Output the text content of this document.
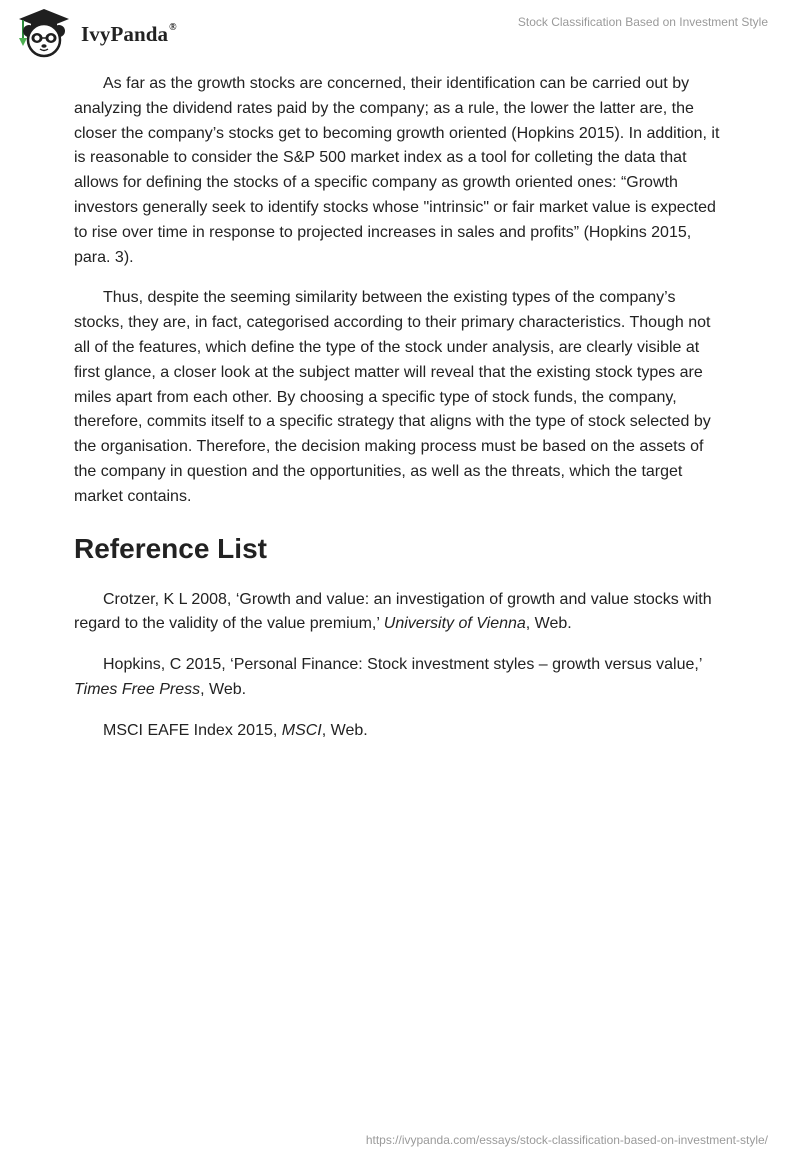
IvyPanda®	Stock Classification Based on Investment Style

As far as the growth stocks are concerned, their identification can be carried out by analyzing the dividend rates paid by the company; as a rule, the lower the latter are, the closer the company’s stocks get to becoming growth oriented (Hopkins 2015). In addition, it is reasonable to consider the S&P 500 market index as a tool for colleting the data that allows for defining the stocks of a specific company as growth oriented ones: “Growth investors generally seek to identify stocks whose "intrinsic" or fair market value is expected to rise over time in response to projected increases in sales and profits” (Hopkins 2015, para. 3).

Thus, despite the seeming similarity between the existing types of the company’s stocks, they are, in fact, categorised according to their primary characteristics. Though not all of the features, which define the type of the stock under analysis, are clearly visible at first glance, a closer look at the subject matter will reveal that the existing stock types are miles apart from each other. By choosing a specific type of stock funds, the company, therefore, commits itself to a specific strategy that aligns with the type of stock selected by the organisation. Therefore, the decision making process must be based on the assets of the company in question and the opportunities, as well as the threats, which the target market contains.

Reference List

Crotzer, K L 2008, ‘Growth and value: an investigation of growth and value stocks with regard to the validity of the value premium,’ University of Vienna, Web.

Hopkins, C 2015, ‘Personal Finance: Stock investment styles – growth versus value,’ Times Free Press, Web.

MSCI EAFE Index 2015, MSCI, Web.

https://ivypanda.com/essays/stock-classification-based-on-investment-style/
